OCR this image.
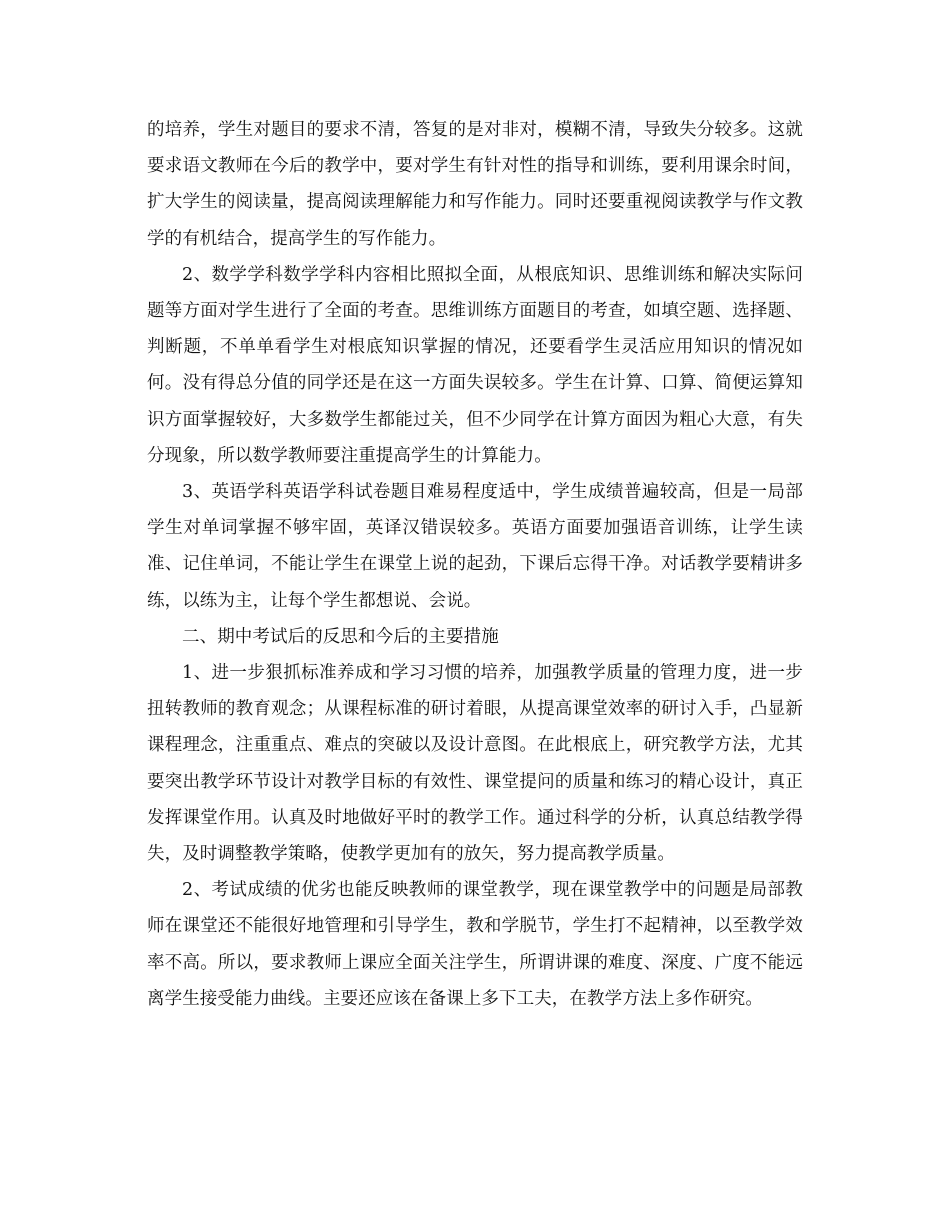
的培养，学生对题目的要求不清，答复的是对非对，模糊不清，导致失分较多。这就要求语文教师在今后的教学中，要对学生有针对性的指导和训练，要利用课余时间，扩大学生的阅读量，提高阅读理解能力和写作能力。同时还要重视阅读教学与作文教学的有机结合，提高学生的写作能力。

2、数学学科数学学科内容相比照拟全面，从根底知识、思维训练和解决实际问题等方面对学生进行了全面的考查。思维训练方面题目的考查，如填空题、选择题、判断题，不单单看学生对根底知识掌握的情况，还要看学生灵活应用知识的情况如何。没有得总分值的同学还是在这一方面失误较多。学生在计算、口算、简便运算知识方面掌握较好，大多数学生都能过关，但不少同学在计算方面因为粗心大意，有失分现象，所以数学教师要注重提高学生的计算能力。

3、英语学科英语学科试卷题目难易程度适中，学生成绩普遍较高，但是一局部学生对单词掌握不够牢固，英译汉错误较多。英语方面要加强语音训练，让学生读准、记住单词，不能让学生在课堂上说的起劲，下课后忘得干净。对话教学要精讲多练，以练为主，让每个学生都想说、会说。

二、期中考试后的反思和今后的主要措施

1、进一步狠抓标准养成和学习习惯的培养，加强教学质量的管理力度，进一步扭转教师的教育观念；从课程标准的研讨着眼，从提高课堂效率的研讨入手，凸显新课程理念，注重重点、难点的突破以及设计意图。在此根底上，研究教学方法，尤其要突出教学环节设计对教学目标的有效性、课堂提问的质量和练习的精心设计，真正发挥课堂作用。认真及时地做好平时的教学工作。通过科学的分析，认真总结教学得失，及时调整教学策略，使教学更加有的放矢，努力提高教学质量。

2、考试成绩的优劣也能反映教师的课堂教学，现在课堂教学中的问题是局部教师在课堂还不能很好地管理和引导学生，教和学脱节，学生打不起精神，以至教学效率不高。所以，要求教师上课应全面关注学生，所谓讲课的难度、深度、广度不能远离学生接受能力曲线。主要还应该在备课上多下工夫，在教学方法上多作研究。
